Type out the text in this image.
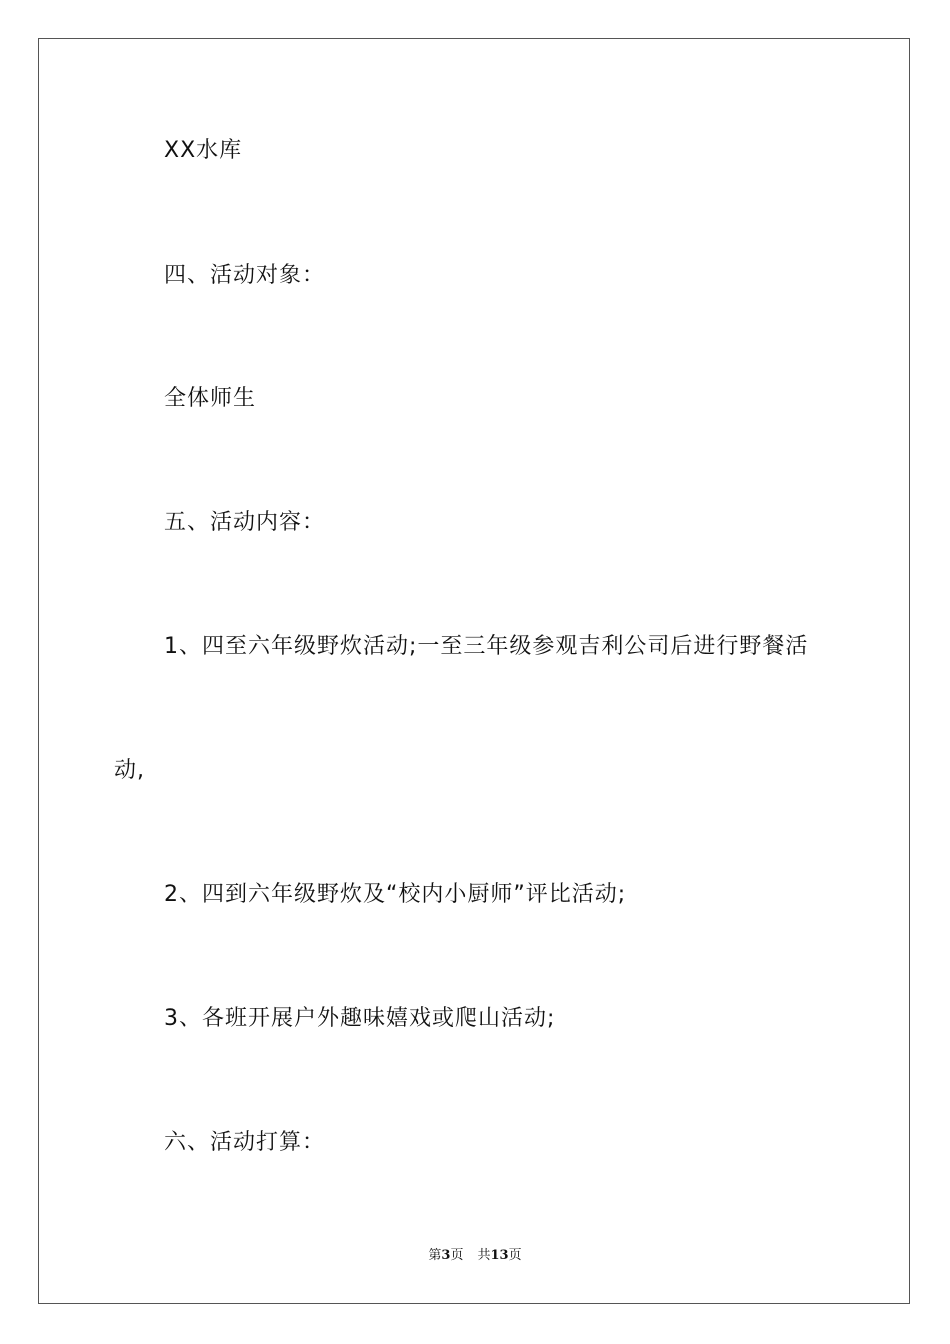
XX水库
四、活动对象：
全体师生
五、活动内容：
1、四至六年级野炊活动;一至三年级参观吉利公司后进行野餐活
动,
2、四到六年级野炊及“校内小厨师”评比活动;
3、各班开展户外趣味嬉戏或爬山活动;
六、活动打算：
第3页 共13页
